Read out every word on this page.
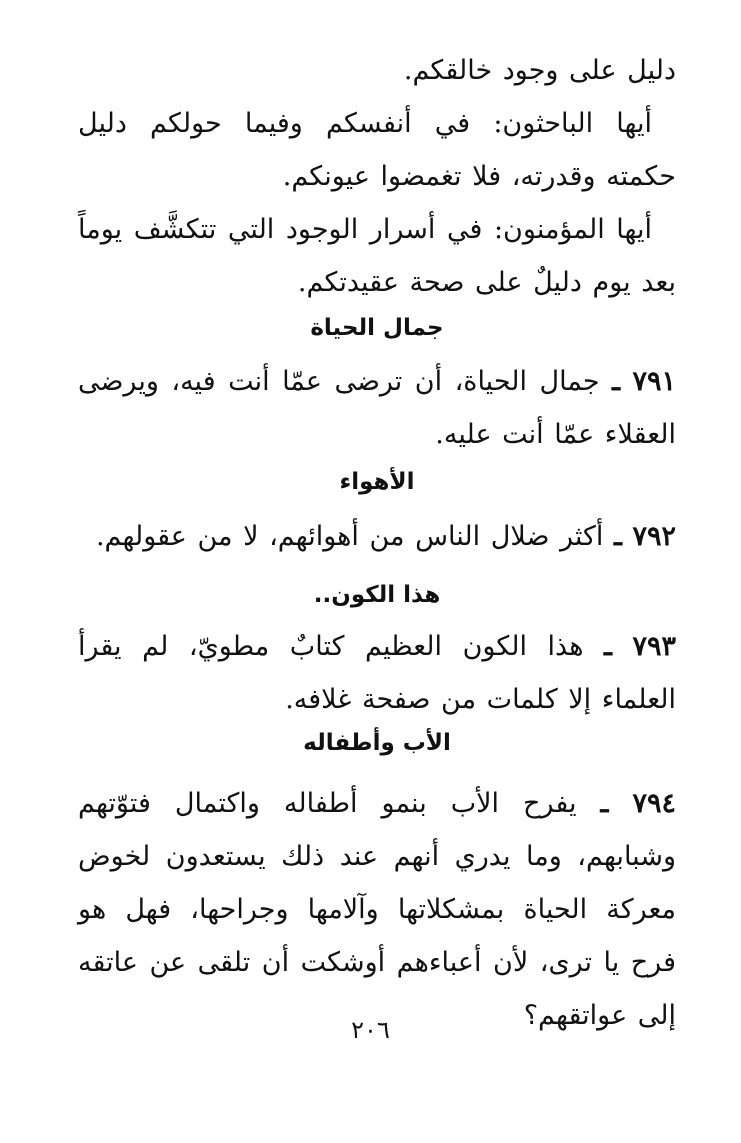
دليل على وجود خالقكم.

أيها الباحثون: في أنفسكم وفيما حولكم دليل حكمته وقدرته، فلا تغمضوا عيونكم.

أيها المؤمنون: في أسرار الوجود التي تتكشَّف يوماً بعد يوم دليلٌ على صحة عقيدتكم.

جمال الحياة

٧٩١ ـ جمال الحياة، أن ترضى عمّا أنت فيه، ويرضى العقلاء عمّا أنت عليه.

الأهواء

٧٩٢ ـ أكثر ضلال الناس من أهوائهم، لا من عقولهم.

هذا الكون..

٧٩٣ ـ هذا الكون العظيم كتابٌ مطويّ، لم يقرأ العلماء إلا كلمات من صفحة غلافه.

الأب وأطفاله

٧٩٤ ـ يفرح الأب بنمو أطفاله واكتمال فتوّتهم وشبابهم، وما يدري أنهم عند ذلك يستعدون لخوض معركة الحياة بمشكلاتها وآلامها وجراحها، فهل هو فرح يا ترى، لأن أعباءهم أوشكت أن تلقى عن عاتقه إلى عواتقهم؟

٢٠٦
